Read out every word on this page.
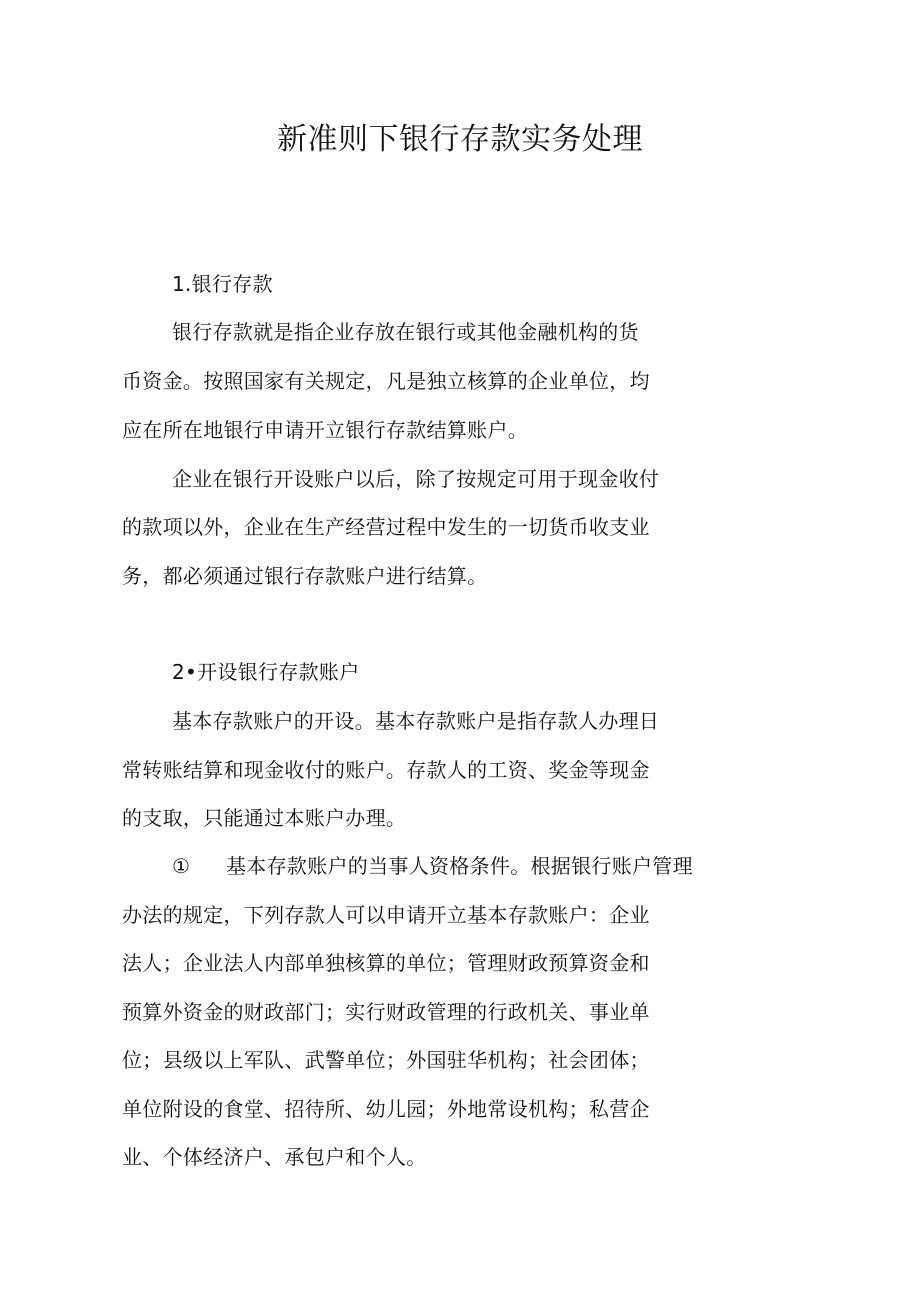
新准则下银行存款实务处理
1.银行存款
银行存款就是指企业存放在银行或其他金融机构的货
币资金。按照国家有关规定，凡是独立核算的企业单位，均
应在所在地银行申请开立银行存款结算账户。
企业在银行开设账户以后，除了按规定可用于现金收付
的款项以外，企业在生产经营过程中发生的一切货币收支业
务，都必须通过银行存款账户进行结算。
2•开设银行存款账户
基本存款账户的开设。基本存款账户是指存款人办理日
常转账结算和现金收付的账户。存款人的工资、奖金等现金
的支取，只能通过本账户办理。
①	基本存款账户的当事人资格条件。根据银行账户管理
办法的规定，下列存款人可以申请开立基本存款账户：企业
法人；企业法人内部单独核算的单位；管理财政预算资金和
预算外资金的财政部门；实行财政管理的行政机关、事业单
位；县级以上军队、武警单位；外国驻华机构；社会团体；
单位附设的食堂、招待所、幼儿园；外地常设机构；私营企
业、个体经济户、承包户和个人。
